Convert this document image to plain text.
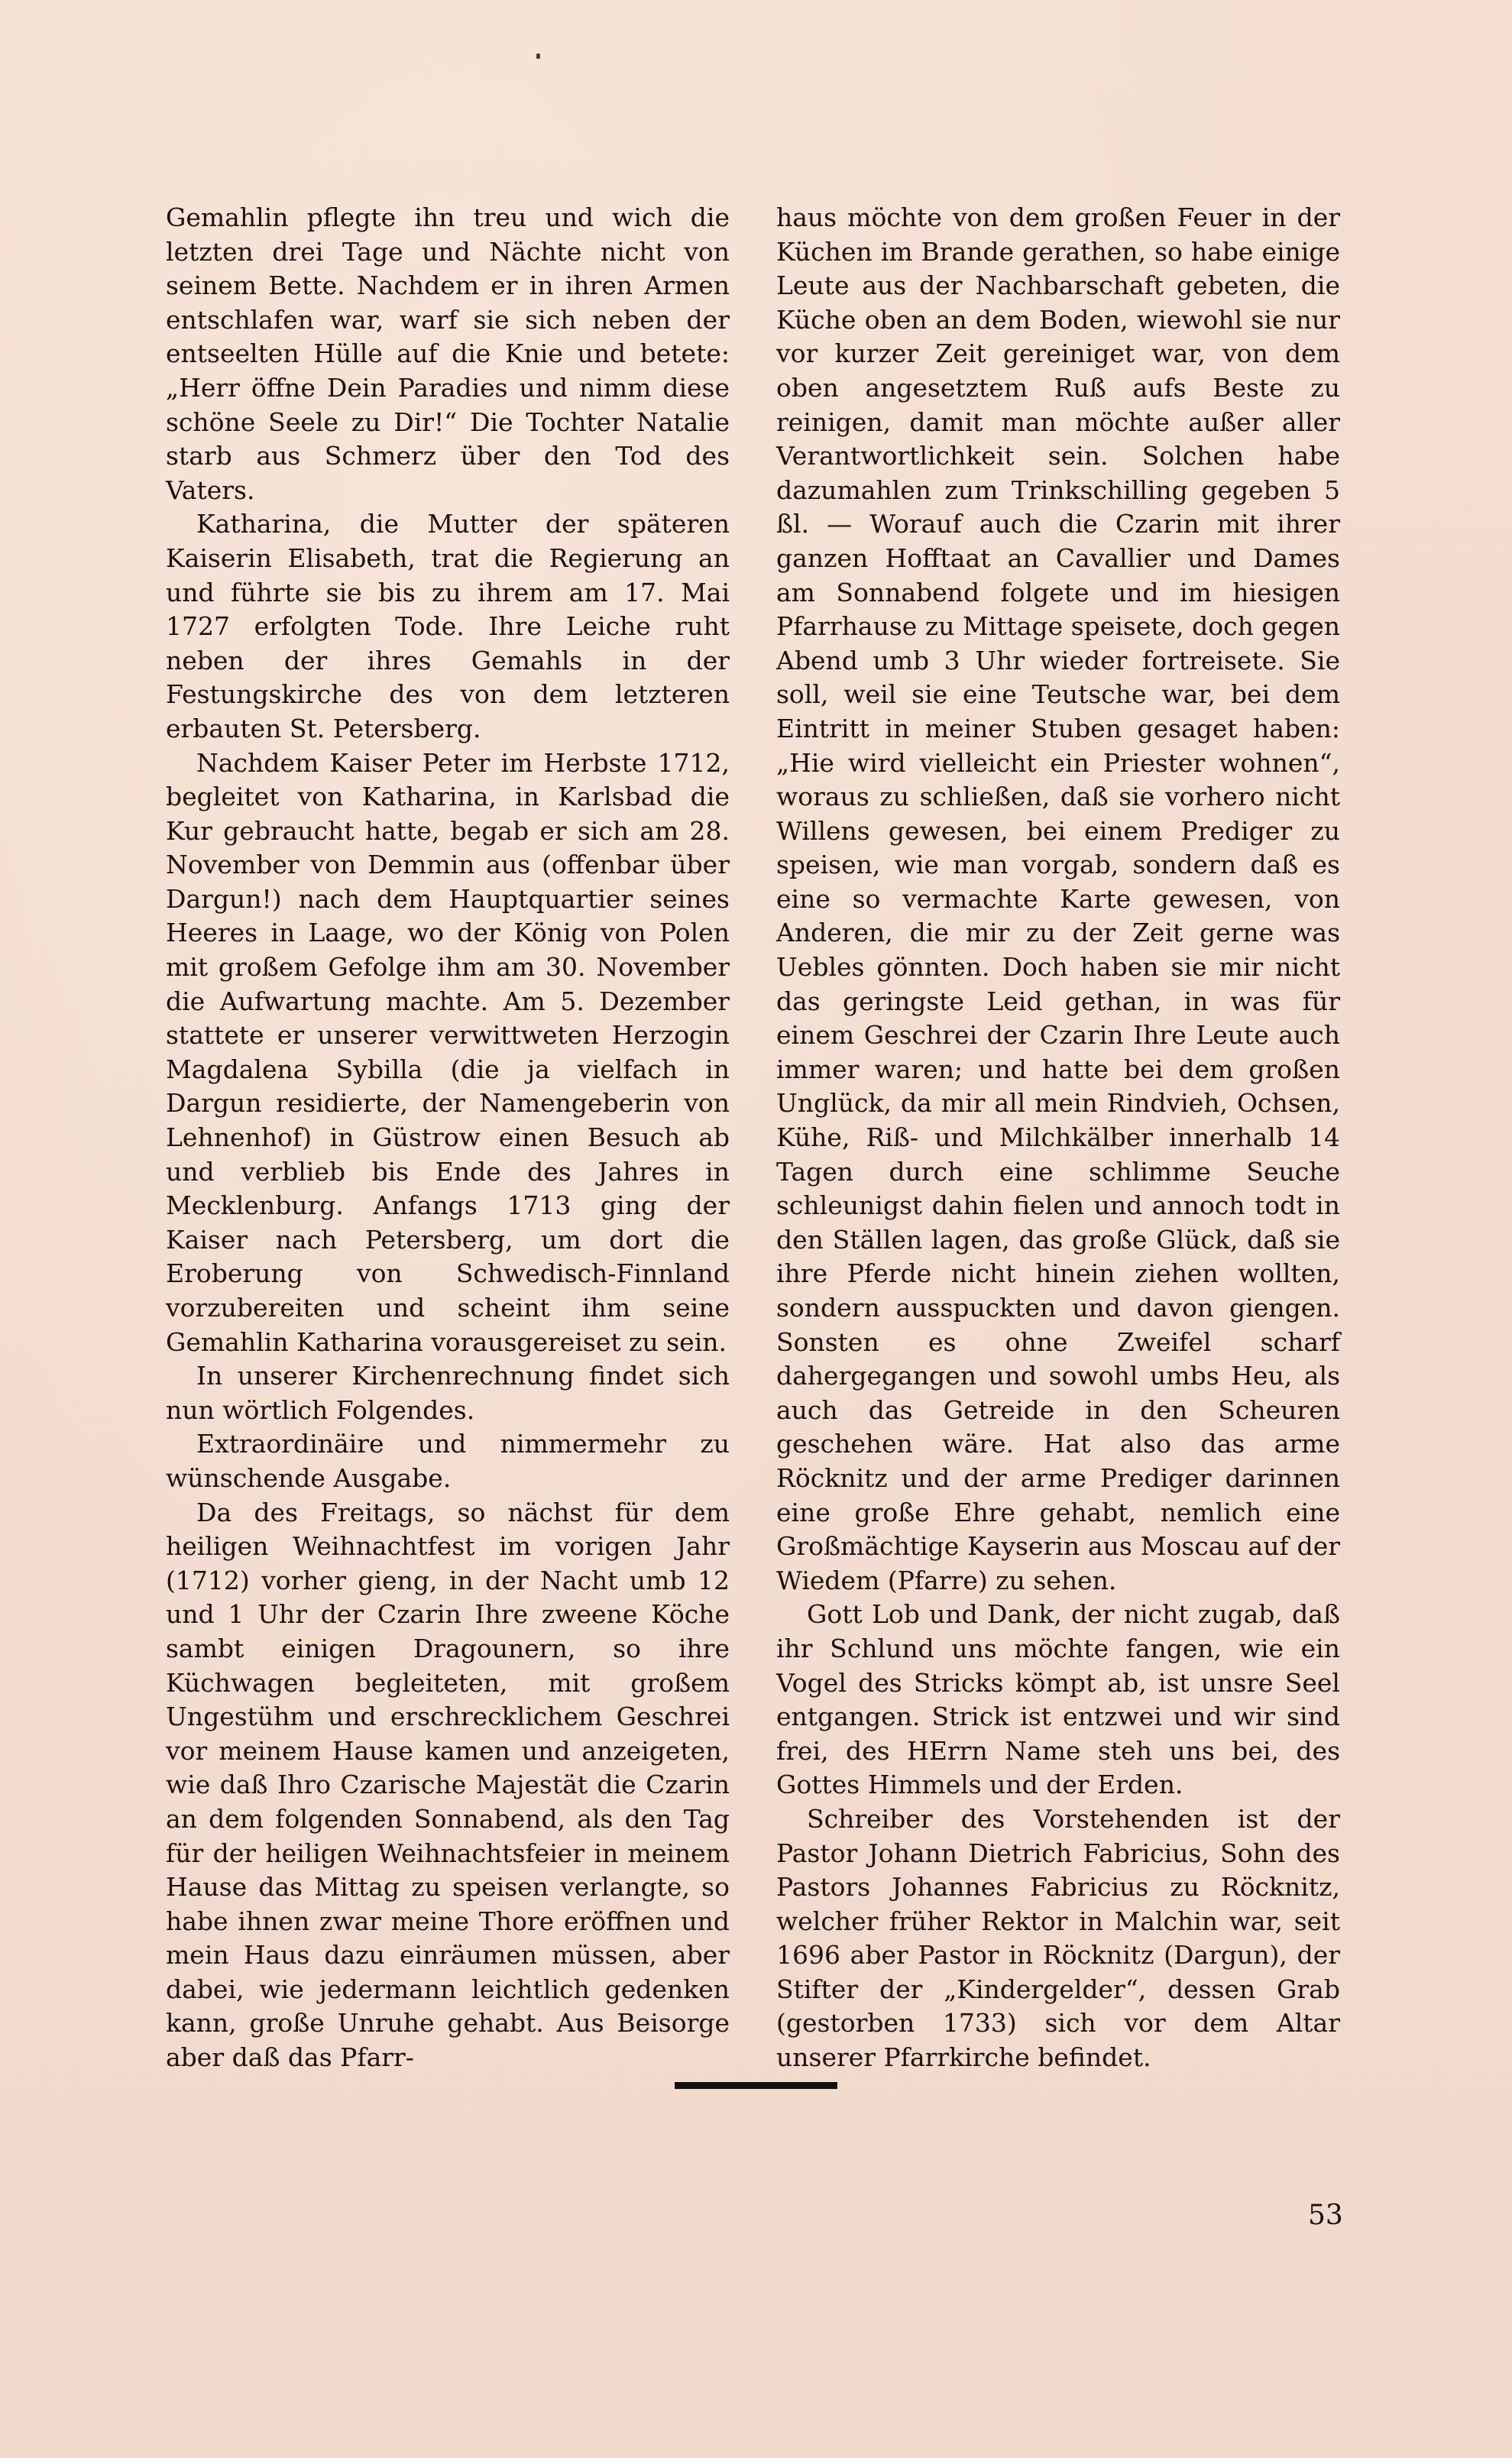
Gemahlin pflegte ihn treu und wich die letzten drei Tage und Nächte nicht von seinem Bette. Nachdem er in ihren Armen entschlafen war, warf sie sich neben der entseelten Hülle auf die Knie und betete: „Herr öffne Dein Paradies und nimm diese schöne Seele zu Dir!“ Die Tochter Natalie starb aus Schmerz über den Tod des Vaters.

Katharina, die Mutter der späteren Kaiserin Elisabeth, trat die Regierung an und führte sie bis zu ihrem am 17. Mai 1727 erfolgten Tode. Ihre Leiche ruht neben der ihres Gemahls in der Festungskirche des von dem letzteren erbauten St. Petersberg.

Nachdem Kaiser Peter im Herbste 1712, begleitet von Katharina, in Karlsbad die Kur gebraucht hatte, begab er sich am 28. November von Demmin aus (offenbar über Dargun!) nach dem Hauptquartier seines Heeres in Laage, wo der König von Polen mit großem Gefolge ihm am 30. November die Aufwartung machte. Am 5. Dezember stattete er unserer verwittweten Herzogin Magdalena Sybilla (die ja vielfach in Dargun residierte, der Namengeberin von Lehnenhof) in Güstrow einen Besuch ab und verblieb bis Ende des Jahres in Mecklenburg. Anfangs 1713 ging der Kaiser nach Petersberg, um dort die Eroberung von Schwedisch-Finnland vorzubereiten und scheint ihm seine Gemahlin Katharina vorausgereiset zu sein.

In unserer Kirchenrechnung findet sich nun wörtlich Folgendes.

Extraordinäire und nimmermehr zu wünschende Ausgabe.

Da des Freitags, so nächst für dem heiligen Weihnachtfest im vorigen Jahr (1712) vorher gieng, in der Nacht umb 12 und 1 Uhr der Czarin Ihre zweene Köche sambt einigen Dragounern, so ihre Küchwagen begleiteten, mit großem Ungestühm und erschrecklichem Geschrei vor meinem Hause kamen und anzeigeten, wie daß Ihro Czarische Majestät die Czarin an dem folgenden Sonnabend, als den Tag für der heiligen Weihnachtsfeier in meinem Hause das Mittag zu speisen verlangte, so habe ihnen zwar meine Thore eröffnen und mein Haus dazu einräumen müssen, aber dabei, wie jedermann leichtlich gedenken kann, große Unruhe gehabt. Aus Beisorge aber daß das Pfarr-

haus möchte von dem großen Feuer in der Küchen im Brande gerathen, so habe einige Leute aus der Nachbarschaft gebeten, die Küche oben an dem Boden, wiewohl sie nur vor kurzer Zeit gereiniget war, von dem oben angesetztem Ruß aufs Beste zu reinigen, damit man möchte außer aller Verantwortlichkeit sein. Solchen habe dazumahlen zum Trinkschilling gegeben 5 ßl. — Worauf auch die Czarin mit ihrer ganzen Hofftaat an Cavallier und Dames am Sonnabend folgete und im hiesigen Pfarrhause zu Mittage speisete, doch gegen Abend umb 3 Uhr wieder fortreisete. Sie soll, weil sie eine Teutsche war, bei dem Eintritt in meiner Stuben gesaget haben: „Hie wird vielleicht ein Priester wohnen“, woraus zu schließen, daß sie vorhero nicht Willens gewesen, bei einem Prediger zu speisen, wie man vorgab, sondern daß es eine so vermachte Karte gewesen, von Anderen, die mir zu der Zeit gerne was Uebles gönnten. Doch haben sie mir nicht das geringste Leid gethan, in was für einem Geschrei der Czarin Ihre Leute auch immer waren; und hatte bei dem großen Unglück, da mir all mein Rindvieh, Ochsen, Kühe, Riß- und Milchkälber innerhalb 14 Tagen durch eine schlimme Seuche schleunigst dahin fielen und annoch todt in den Ställen lagen, das große Glück, daß sie ihre Pferde nicht hinein ziehen wollten, sondern ausspuckten und davon giengen. Sonsten es ohne Zweifel scharf dahergegangen und sowohl umbs Heu, als auch das Getreide in den Scheuren geschehen wäre. Hat also das arme Röcknitz und der arme Prediger darinnen eine große Ehre gehabt, nemlich eine Großmächtige Kayserin aus Moscau auf der Wiedem (Pfarre) zu sehen.

Gott Lob und Dank, der nicht zugab, daß ihr Schlund uns möchte fangen, wie ein Vogel des Stricks kömpt ab, ist unsre Seel entgangen. Strick ist entzwei und wir sind frei, des HErrn Name steh uns bei, des Gottes Himmels und der Erden.

Schreiber des Vorstehenden ist der Pastor Johann Dietrich Fabricius, Sohn des Pastors Johannes Fabricius zu Röcknitz, welcher früher Rektor in Malchin war, seit 1696 aber Pastor in Röcknitz (Dargun), der Stifter der „Kindergelder“, dessen Grab (gestorben 1733) sich vor dem Altar unserer Pfarrkirche befindet.

53
